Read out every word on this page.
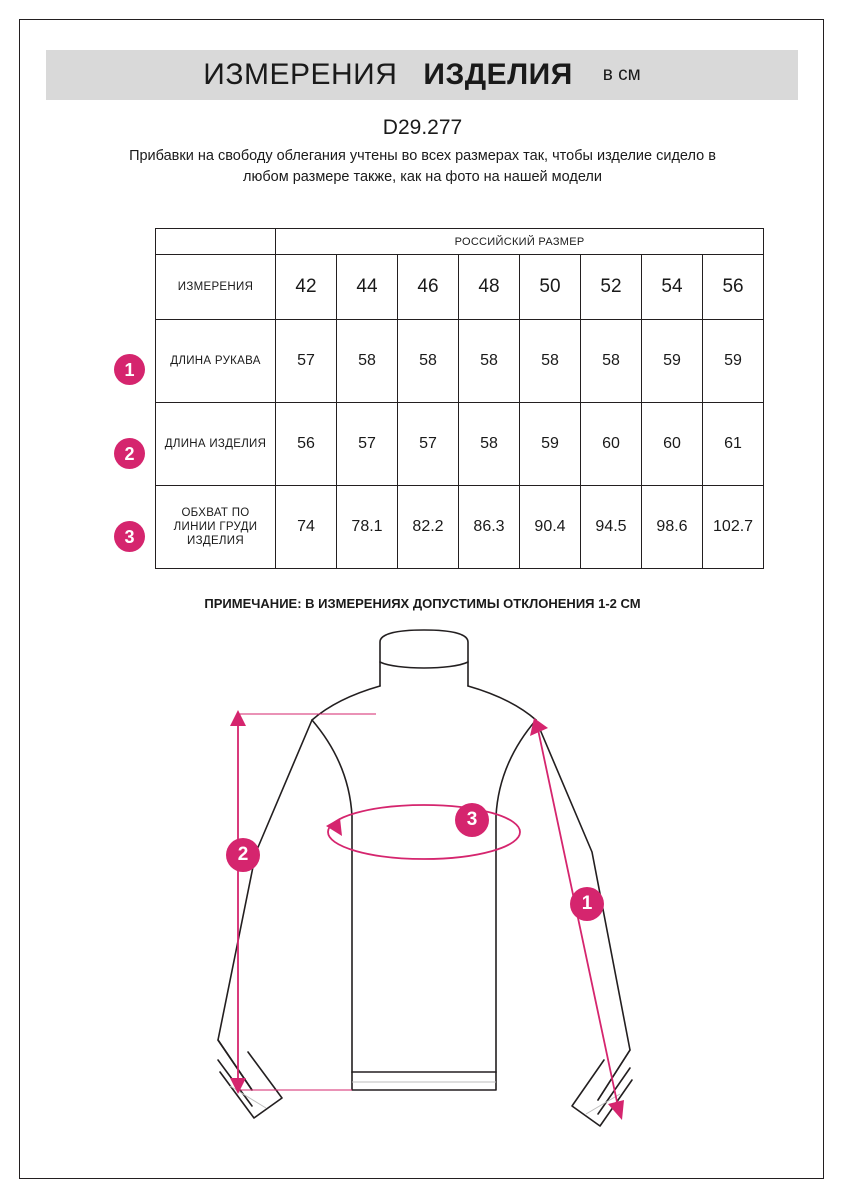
ИЗМЕРЕНИЯ ИЗДЕЛИЯ в см
D29.277
Прибавки на свободу облегания учтены во всех размерах так, чтобы изделие сидело в любом размере также, как на фото на нашей модели
	РОССИЙСКИЙ РАЗМЕР							
ИЗМЕРЕНИЯ	42	44	46	48	50	52	54	56
ДЛИНА РУКАВА	57	58	58	58	58	58	59	59
ДЛИНА ИЗДЕЛИЯ	56	57	57	58	59	60	60	61
ОБХВАТ ПО ЛИНИИ ГРУДИ ИЗДЕЛИЯ	74	78.1	82.2	86.3	90.4	94.5	98.6	102.7
1
2
3
ПРИМЕЧАНИЕ: В ИЗМЕРЕНИЯХ ДОПУСТИМЫ ОТКЛОНЕНИЯ 1-2 СМ
2
1
3
